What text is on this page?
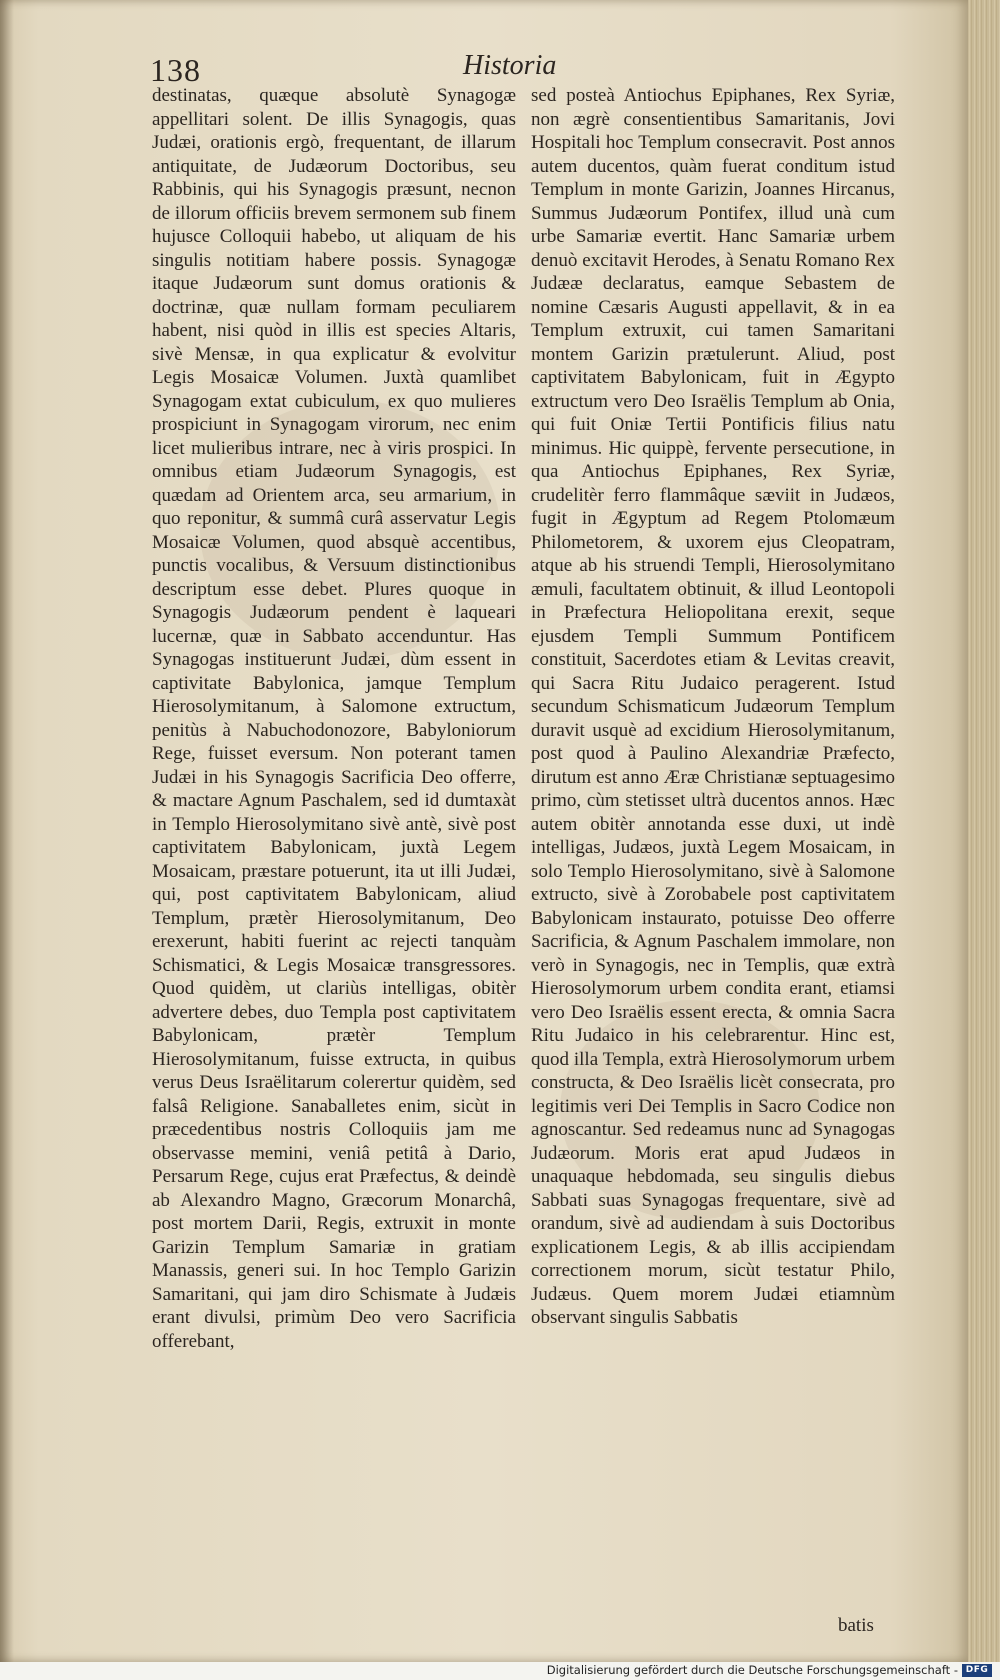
138	Historia

destinatas, quæque absolutè Synagogæ appellitari solent. De illis Synagogis, quas Judæi, orationis ergò, frequentant, de illarum antiquitate, de Judæorum Doctoribus, seu Rabbinis, qui his Synagogis præsunt, necnon de illorum officiis brevem sermonem sub finem hujusce Colloquii habebo, ut aliquam de his singulis notitiam habere possis. Synagogæ itaque Judæorum sunt domus orationis & doctrinæ, quæ nullam formam peculiarem habent, nisi quòd in illis est species Altaris, sivè Mensæ, in qua explicatur & evolvitur Legis Mosaicæ Volumen. Juxtà quamlibet Synagogam extat cubiculum, ex quo mulieres prospiciunt in Synagogam virorum, nec enim licet mulieribus intrare, nec à viris prospici. In omnibus etiam Judæorum Synagogis, est quædam ad Orientem arca, seu armarium, in quo reponitur, & summâ curâ asservatur Legis Mosaicæ Volumen, quod absquè accentibus, punctis vocalibus, & Versuum distinctionibus descriptum esse debet. Plures quoque in Synagogis Judæorum pendent è laqueari lucernæ, quæ in Sabbato accenduntur. Has Synagogas instituerunt Judæi, dùm essent in captivitate Babylonica, jamque Templum Hierosolymitanum, à Salomone extructum, penitùs à Nabuchodonozore, Babyloniorum Rege, fuisset eversum. Non poterant tamen Judæi in his Synagogis Sacrificia Deo offerre, & mactare Agnum Paschalem, sed id dumtaxàt in Templo Hierosolymitano sivè antè, sivè post captivitatem Babylonicam, juxtà Legem Mosaicam, præstare potuerunt, ita ut illi Judæi, qui, post captivitatem Babylonicam, aliud Templum, prætèr Hierosolymitanum, Deo erexerunt, habiti fuerint ac rejecti tanquàm Schismatici, & Legis Mosaicæ transgressores. Quod quidèm, ut clariùs intelligas, obitèr advertere debes, duo Templa post captivitatem Babylonicam, prætèr Templum Hierosolymitanum, fuisse extructa, in quibus verus Deus Israëlitarum colerertur quidèm, sed falsâ Religione. Sanaballetes enim, sicùt in præcedentibus nostris Colloquiis jam me observasse memini, veniâ petitâ à Dario, Persarum Rege, cujus erat Præfectus, & deindè ab Alexandro Magno, Græcorum Monarchâ, post mortem Darii, Regis, extruxit in monte Garizin Templum Samariæ in gratiam Manassis, generi sui. In hoc Templo Garizin Samaritani, qui jam diro Schismate à Judæis erant divulsi, primùm Deo vero Sacrificia offerebant,

sed posteà Antiochus Epiphanes, Rex Syriæ, non ægrè consentientibus Samaritanis, Jovi Hospitali hoc Templum consecravit. Post annos autem ducentos, quàm fuerat conditum istud Templum in monte Garizin, Joannes Hircanus, Summus Judæorum Pontifex, illud unà cum urbe Samariæ evertit. Hanc Samariæ urbem denuò excitavit Herodes, à Senatu Romano Rex Judææ declaratus, eamque Sebastem de nomine Cæsaris Augusti appellavit, & in ea Templum extruxit, cui tamen Samaritani montem Garizin prætulerunt. Aliud, post captivitatem Babylonicam, fuit in Ægypto extructum vero Deo Israëlis Templum ab Onia, qui fuit Oniæ Tertii Pontificis filius natu minimus. Hic quippè, fervente persecutione, in qua Antiochus Epiphanes, Rex Syriæ, crudelitèr ferro flammâque sæviit in Judæos, fugit in Ægyptum ad Regem Ptolomæum Philometorem, & uxorem ejus Cleopatram, atque ab his struendi Templi, Hierosolymitano æmuli, facultatem obtinuit, & illud Leontopoli in Præfectura Heliopolitana erexit, seque ejusdem Templi Summum Pontificem constituit, Sacerdotes etiam & Levitas creavit, qui Sacra Ritu Judaico peragerent. Istud secundum Schismaticum Judæorum Templum duravit usquè ad excidium Hierosolymitanum, post quod à Paulino Alexandriæ Præfecto, dirutum est anno Æræ Christianæ septuagesimo primo, cùm stetisset ultrà ducentos annos. Hæc autem obitèr annotanda esse duxi, ut indè intelligas, Judæos, juxtà Legem Mosaicam, in solo Templo Hierosolymitano, sivè à Salomone extructo, sivè à Zorobabele post captivitatem Babylonicam instaurato, potuisse Deo offerre Sacrificia, & Agnum Paschalem immolare, non verò in Synagogis, nec in Templis, quæ extrà Hierosolymorum urbem condita erant, etiamsi vero Deo Israëlis essent erecta, & omnia Sacra Ritu Judaico in his celebrarentur. Hinc est, quod illa Templa, extrà Hierosolymorum urbem constructa, & Deo Israëlis licèt consecrata, pro legitimis veri Dei Templis in Sacro Codice non agnoscantur. Sed redeamus nunc ad Synagogas Judæorum. Moris erat apud Judæos in unaquaque hebdomada, seu singulis diebus Sabbati suas Synagogas frequentare, sivè ad orandum, sivè ad audiendam à suis Doctoribus explicationem Legis, & ab illis accipiendam correctionem morum, sicùt testatur Philo, Judæus. Quem morem Judæi etiamnùm observant singulis Sabbatis

batis
Digitalisierung gefördert durch die Deutsche Forschungsgemeinschaft - DFG
